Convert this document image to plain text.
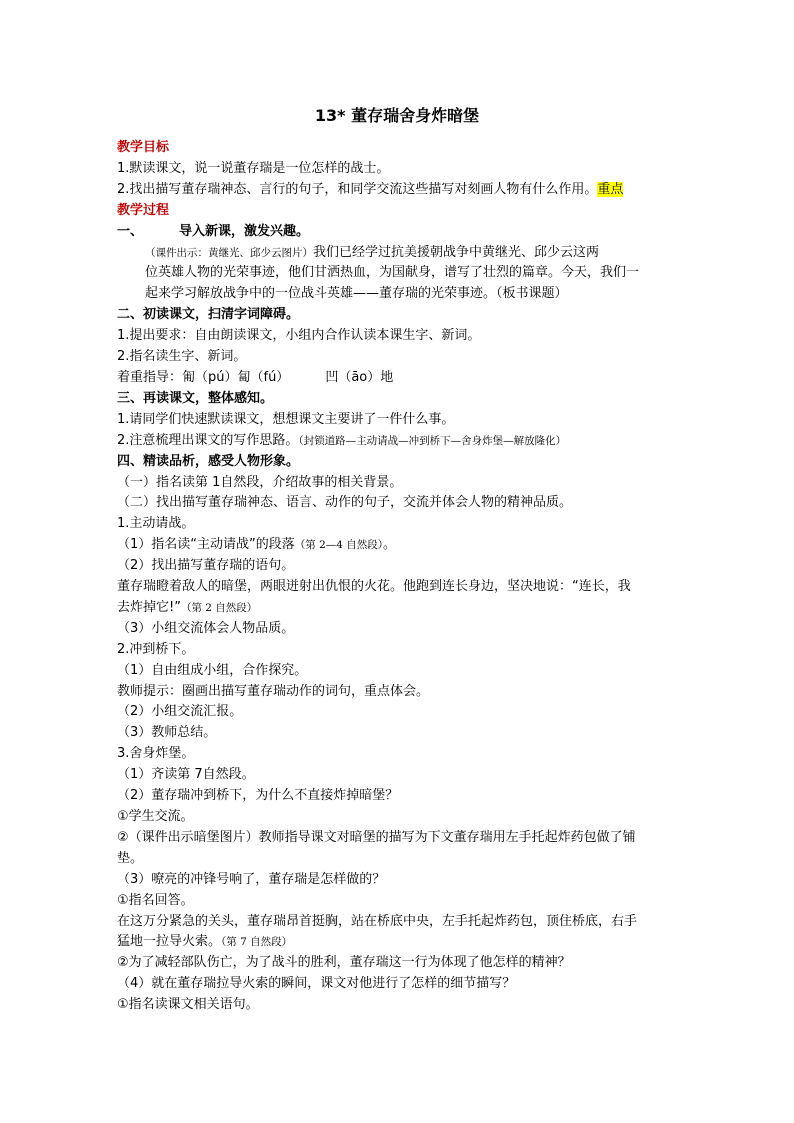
13* 董存瑞舍身炸暗堡
教学目标
1.默读课文，说一说董存瑞是一位怎样的战士。
2.找出描写董存瑞神态、言行的句子，和同学交流这些描写对刻画人物有什么作用。重点
教学过程
一、	导入新课，激发兴趣。
（课件出示：黄继光、邱少云图片）我们已经学过抗美援朝战争中黄继光、邱少云这两
位英雄人物的光荣事迹，他们甘洒热血，为国献身，谱写了壮烈的篇章。今天，我们一
起来学习解放战争中的一位战斗英雄——董存瑞的光荣事迹。（板书课题）
二、初读课文，扫清字词障碍。
1.提出要求：自由朗读课文，小组内合作认读本课生字、新词。
2.指名读生字、新词。
着重指导：匍（pú）匐（fú）	凹（āo）地
三、再读课文，整体感知。
1.请同学们快速默读课文，想想课文主要讲了一件什么事。
2.注意梳理出课文的写作思路。（封锁道路—主动请战—冲到桥下—舍身炸堡—解放隆化）
四、精读品析，感受人物形象。
（一）指名读第 1自然段，介绍故事的相关背景。
（二）找出描写董存瑞神态、语言、动作的句子，交流并体会人物的精神品质。
1.主动请战。
（1）指名读“主动请战”的段落（第 2—4 自然段）。
（2）找出描写董存瑞的语句。
董存瑞瞪着敌人的暗堡，两眼迸射出仇恨的火花。他跑到连长身边，坚决地说：“连长，我
去炸掉它!”（第 2 自然段）
（3）小组交流体会人物品质。
2.冲到桥下。
（1）自由组成小组，合作探究。
教师提示：圈画出描写董存瑞动作的词句，重点体会。
（2）小组交流汇报。
（3）教师总结。
3.舍身炸堡。
（1）齐读第 7自然段。
（2）董存瑞冲到桥下，为什么不直接炸掉暗堡？
①学生交流。
②（课件出示暗堡图片）教师指导课文对暗堡的描写为下文董存瑞用左手托起炸药包做了铺
垫。
（3）嘹亮的冲锋号响了，董存瑞是怎样做的？
①指名回答。
在这万分紧急的关头，董存瑞昂首挺胸，站在桥底中央，左手托起炸药包，顶住桥底，右手
猛地一拉导火索。（第 7 自然段）
②为了减轻部队伤亡，为了战斗的胜利，董存瑞这一行为体现了他怎样的精神？
（4）就在董存瑞拉导火索的瞬间，课文对他进行了怎样的细节描写？
①指名读课文相关语句。
